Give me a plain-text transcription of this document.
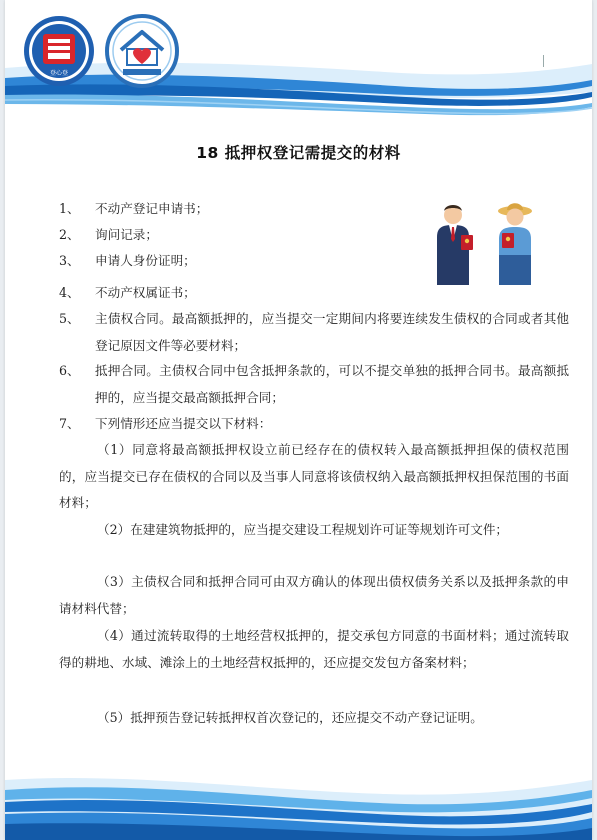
登心登
18 抵押权登记需提交的材料
1、	不动产登记申请书；
2、	询问记录；
3、	申请人身份证明；
4、	不动产权属证书；
5、	主债权合同。最高额抵押的，应当提交一定期间内将要连续发生债权的合同或者其他登记原因文件等必要材料；
6、	抵押合同。主债权合同中包含抵押条款的，可以不提交单独的抵押合同书。最高额抵押的，应当提交最高额抵押合同；
7、	下列情形还应当提交以下材料：
（1）同意将最高额抵押权设立前已经存在的债权转入最高额抵押担保的债权范围的，应当提交已存在债权的合同以及当事人同意将该债权纳入最高额抵押权担保范围的书面材料；
（2）在建建筑物抵押的，应当提交建设工程规划许可证等规划许可文件；
（3）主债权合同和抵押合同可由双方确认的体现出债权债务关系以及抵押条款的申请材料代替；
（4）通过流转取得的土地经营权抵押的，提交承包方同意的书面材料；通过流转取得的耕地、水域、滩涂上的土地经营权抵押的，还应提交发包方备案材料；
（5）抵押预告登记转抵押权首次登记的，还应提交不动产登记证明。
